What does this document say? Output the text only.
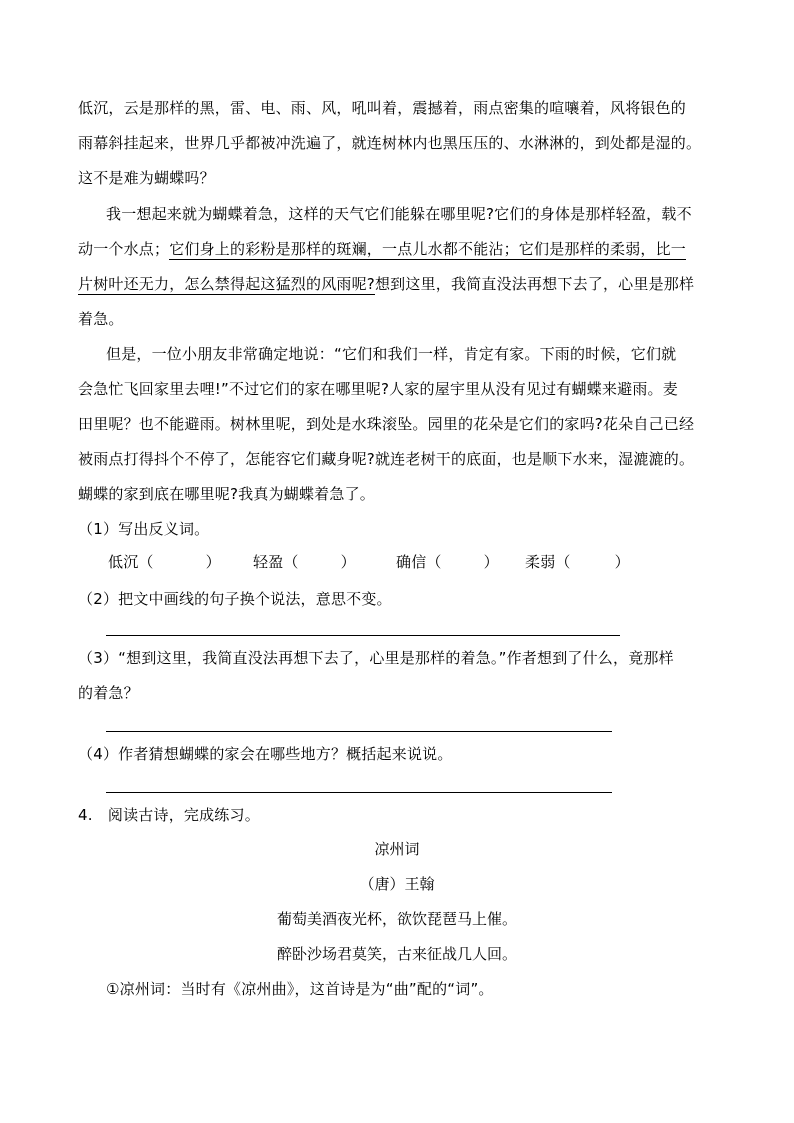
低沉，云是那样的黑，雷、电、雨、风，吼叫着，震撼着，雨点密集的喧嚷着，风将银色的
雨幕斜挂起来，世界几乎都被冲洗遍了，就连树林内也黑压压的、水淋淋的，到处都是湿的。
这不是难为蝴蝶吗？
我一想起来就为蝴蝶着急，这样的天气它们能躲在哪里呢?它们的身体是那样轻盈，载不
动一个水点；它们身上的彩粉是那样的斑斓，一点儿水都不能沾；它们是那样的柔弱，比一
片树叶还无力，怎么禁得起这猛烈的风雨呢?想到这里，我简直没法再想下去了，心里是那样
着急。
但是，一位小朋友非常确定地说：“它们和我们一样，肯定有家。下雨的时候，它们就
会急忙飞回家里去哩!”不过它们的家在哪里呢?人家的屋宇里从没有见过有蝴蝶来避雨。麦
田里呢？也不能避雨。树林里呢，到处是水珠滚坠。园里的花朵是它们的家吗?花朵自己已经
被雨点打得抖个不停了，怎能容它们藏身呢?就连老树干的底面，也是顺下水来，湿漉漉的。
蝴蝶的家到底在哪里呢?我真为蝴蝶着急了。
（1）写出反义词。
低沉（	） 轻盈（	）	确信（	） 柔弱（	）
（2）把文中画线的句子换个说法，意思不变。
（3）“想到这里，我简直没法再想下去了，心里是那样的着急。”作者想到了什么，竟那样
的着急？
（4）作者猜想蝴蝶的家会在哪些地方？概括起来说说。
4.　阅读古诗，完成练习。
凉州词
（唐）王翰
葡萄美酒夜光杯，欲饮琵琶马上催。
醉卧沙场君莫笑，古来征战几人回。
①凉州词：当时有《凉州曲》，这首诗是为“曲”配的“词”。
